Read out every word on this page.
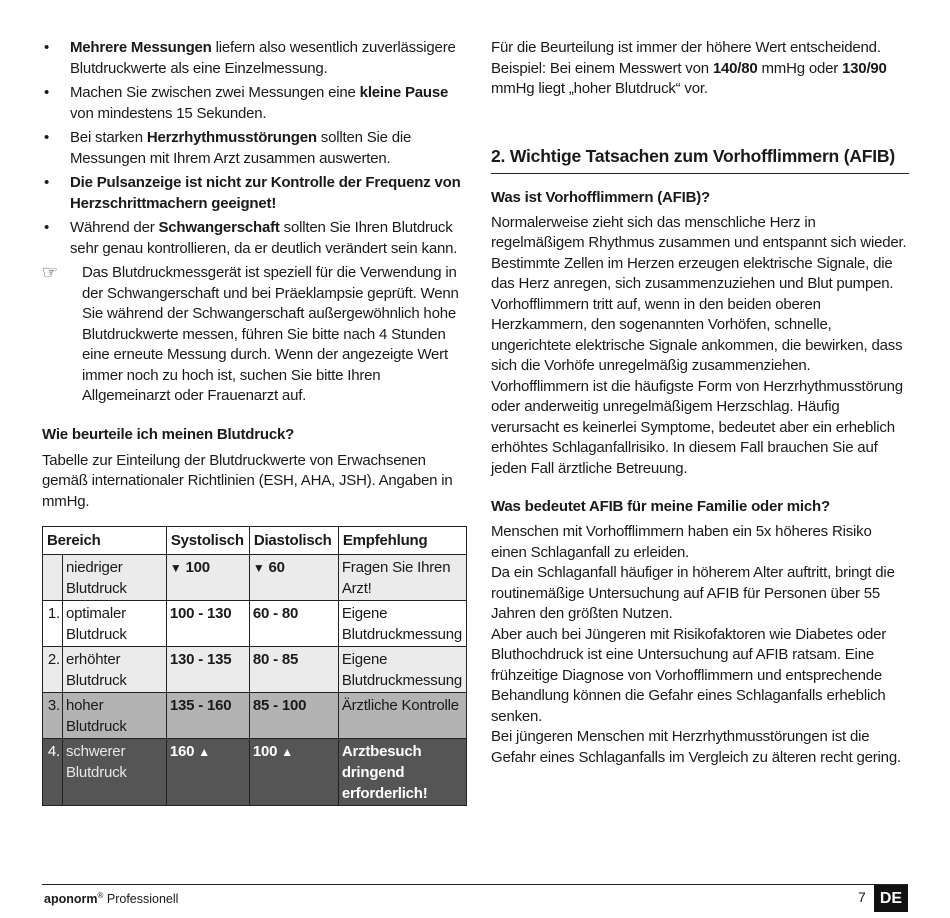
• Mehrere Messungen liefern also wesentlich zuverlässigere Blutdruckwerte als eine Einzelmessung.
• Machen Sie zwischen zwei Messungen eine kleine Pause von mindestens 15 Sekunden.
• Bei starken Herzrhythmusstörungen sollten Sie die Messungen mit Ihrem Arzt zusammen auswerten.
• Die Pulsanzeige ist nicht zur Kontrolle der Frequenz von Herzschrittmachern geeignet!
• Während der Schwangerschaft sollten Sie Ihren Blutdruck sehr genau kontrollieren, da er deutlich verändert sein kann.
☞ Das Blutdruckmessgerät ist speziell für die Verwendung in der Schwangerschaft und bei Präeklampsie geprüft. Wenn Sie während der Schwangerschaft außergewöhnlich hohe Blutdruckwerte messen, führen Sie bitte nach 4 Stunden eine erneute Messung durch. Wenn der angezeigte Wert immer noch zu hoch ist, suchen Sie bitte Ihren Allgemeinarzt oder Frauenarzt auf.
Wie beurteile ich meinen Blutdruck?

Tabelle zur Einteilung der Blutdruckwerte von Erwachsenen gemäß internationaler Richtlinien (ESH, AHA, JSH). Angaben in mmHg.

Bereich		Systolisch	Diastolisch	Empfehlung
	niedriger Blutdruck	▼ 100	▼ 60	Fragen Sie Ihren Arzt!
1.	optimaler Blutdruck	100 - 130	60 - 80	Eigene Blutdruckmessung
2.	erhöhter Blutdruck	130 - 135	80 - 85	Eigene Blutdruckmessung
3.	hoher Blutdruck	135 - 160	85 - 100	Ärztliche Kontrolle
4.	schwerer Blutdruck	160 ▲	100 ▲	Arztbesuch dringend erforderlich!

Für die Beurteilung ist immer der höhere Wert entscheidend. Beispiel: Bei einem Messwert von 140/80 mmHg oder 130/90 mmHg liegt „hoher Blutdruck“ vor.

2. Wichtige Tatsachen zum Vorhofflimmern (AFIB)
Was ist Vorhofflimmern (AFIB)?

Normalerweise zieht sich das menschliche Herz in regelmäßigem Rhythmus zusammen und entspannt sich wieder. Bestimmte Zellen im Herzen erzeugen elektrische Signale, die das Herz anregen, sich zusammenzuziehen und Blut pumpen. Vorhofflimmern tritt auf, wenn in den beiden oberen Herzkammern, den sogenannten Vorhöfen, schnelle, ungerichtete elektrische Signale ankommen, die bewirken, dass sich die Vorhöfe unregelmäßig zusammenziehen. Vorhofflimmern ist die häufigste Form von Herzrhythmusstörung oder anderweitig unregelmäßigem Herzschlag. Häufig verursacht es keinerlei Symptome, bedeutet aber ein erheblich erhöhtes Schlaganfallrisiko. In diesem Fall brauchen Sie auf jeden Fall ärztliche Betreuung.

Was bedeutet AFIB für meine Familie oder mich?

Menschen mit Vorhofflimmern haben ein 5x höheres Risiko einen Schlaganfall zu erleiden.

Da ein Schlaganfall häufiger in höherem Alter auftritt, bringt die routinemäßige Untersuchung auf AFIB für Personen über 55 Jahren den größten Nutzen.

Aber auch bei Jüngeren mit Risikofaktoren wie Diabetes oder Bluthochdruck ist eine Untersuchung auf AFIB ratsam. Eine frühzeitige Diagnose von Vorhofflimmern und entsprechende Behandlung können die Gefahr eines Schlaganfalls erheblich senken.

Bei jüngeren Menschen mit Herzrhythmusstörungen ist die Gefahr eines Schlaganfalls im Vergleich zu älteren recht gering.

aponorm® Professionell	7 DE
